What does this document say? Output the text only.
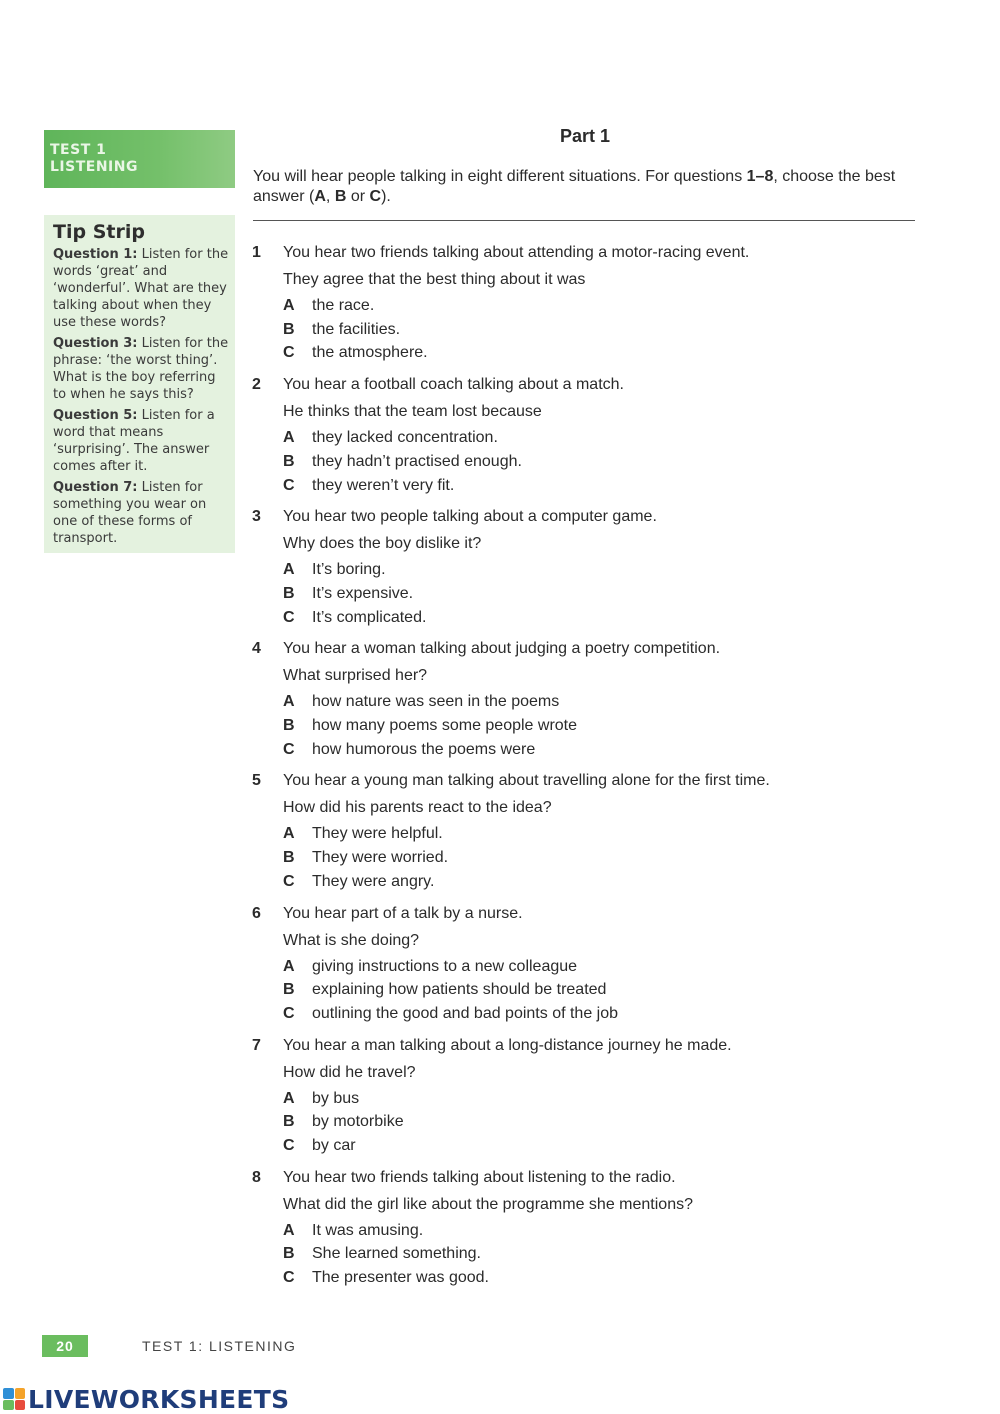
TEST 1
LISTENING
Tip Strip
Question 1: Listen for the words ‘great’ and ‘wonderful’. What are they talking about when they use these words?
Question 3: Listen for the phrase: ‘the worst thing’. What is the boy referring to when he says this?
Question 5: Listen for a word that means ‘surprising’. The answer comes after it.
Question 7: Listen for something you wear on one of these forms of transport.
Part 1
You will hear people talking in eight different situations. For questions 1–8, choose the best answer (A, B or C).
1	You hear two friends talking about attending a motor-racing event.
They agree that the best thing about it was
A	the race.
B	the facilities.
C	the atmosphere.
2	You hear a football coach talking about a match.
He thinks that the team lost because
A	they lacked concentration.
B	they hadn’t practised enough.
C	they weren’t very fit.
3	You hear two people talking about a computer game.
Why does the boy dislike it?
A	It’s boring.
B	It’s expensive.
C	It’s complicated.
4	You hear a woman talking about judging a poetry competition.
What surprised her?
A	how nature was seen in the poems
B	how many poems some people wrote
C	how humorous the poems were
5	You hear a young man talking about travelling alone for the first time.
How did his parents react to the idea?
A	They were helpful.
B	They were worried.
C	They were angry.
6	You hear part of a talk by a nurse.
What is she doing?
A	giving instructions to a new colleague
B	explaining how patients should be treated
C	outlining the good and bad points of the job
7	You hear a man talking about a long-distance journey he made.
How did he travel?
A	by bus
B	by motorbike
C	by car
8	You hear two friends talking about listening to the radio.
What did the girl like about the programme she mentions?
A	It was amusing.
B	She learned something.
C	The presenter was good.
20	TEST 1: LISTENING
LIVEWORKSHEETS
